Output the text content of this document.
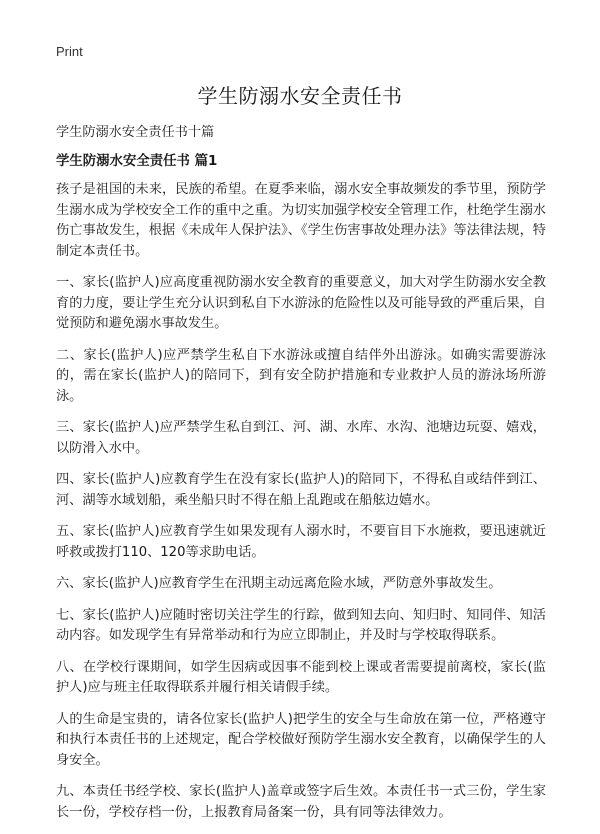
Print
学生防溺水安全责任书

学生防溺水安全责任书十篇

学生防溺水安全责任书 篇1

孩子是祖国的未来，民族的希望。在夏季来临，溺水安全事故频发的季节里，预防学生溺水成为学校安全工作的重中之重。为切实加强学校安全管理工作，杜绝学生溺水伤亡事故发生，根据《未成年人保护法》、《学生伤害事故处理办法》等法律法规，特制定本责任书。

一、家长(监护人)应高度重视防溺水安全教育的重要意义，加大对学生防溺水安全教育的力度，要让学生充分认识到私自下水游泳的危险性以及可能导致的严重后果，自觉预防和避免溺水事故发生。

二、家长(监护人)应严禁学生私自下水游泳或擅自结伴外出游泳。如确实需要游泳的，需在家长(监护人)的陪同下，到有安全防护措施和专业救护人员的游泳场所游泳。

三、家长(监护人)应严禁学生私自到江、河、湖、水库、水沟、池塘边玩耍、嬉戏，以防滑入水中。

四、家长(监护人)应教育学生在没有家长(监护人)的陪同下，不得私自或结伴到江、河、湖等水域划船，乘坐船只时不得在船上乱跑或在船舷边嬉水。

五、家长(监护人)应教育学生如果发现有人溺水时，不要盲目下水施救，要迅速就近呼救或拨打110、120等求助电话。

六、家长(监护人)应教育学生在汛期主动远离危险水域，严防意外事故发生。

七、家长(监护人)应随时密切关注学生的行踪，做到知去向、知归时、知同伴、知活动内容。如发现学生有异常举动和行为应立即制止，并及时与学校取得联系。

八、在学校行课期间，如学生因病或因事不能到校上课或者需要提前离校，家长(监护人)应与班主任取得联系并履行相关请假手续。

人的生命是宝贵的，请各位家长(监护人)把学生的安全与生命放在第一位，严格遵守和执行本责任书的上述规定，配合学校做好预防学生溺水安全教育，以确保学生的人身安全。

九、本责任书经学校、家长(监护人)盖章或签字后生效。本责任书一式三份，学生家长一份，学校存档一份，上报教育局备案一份，具有同等法律效力。
